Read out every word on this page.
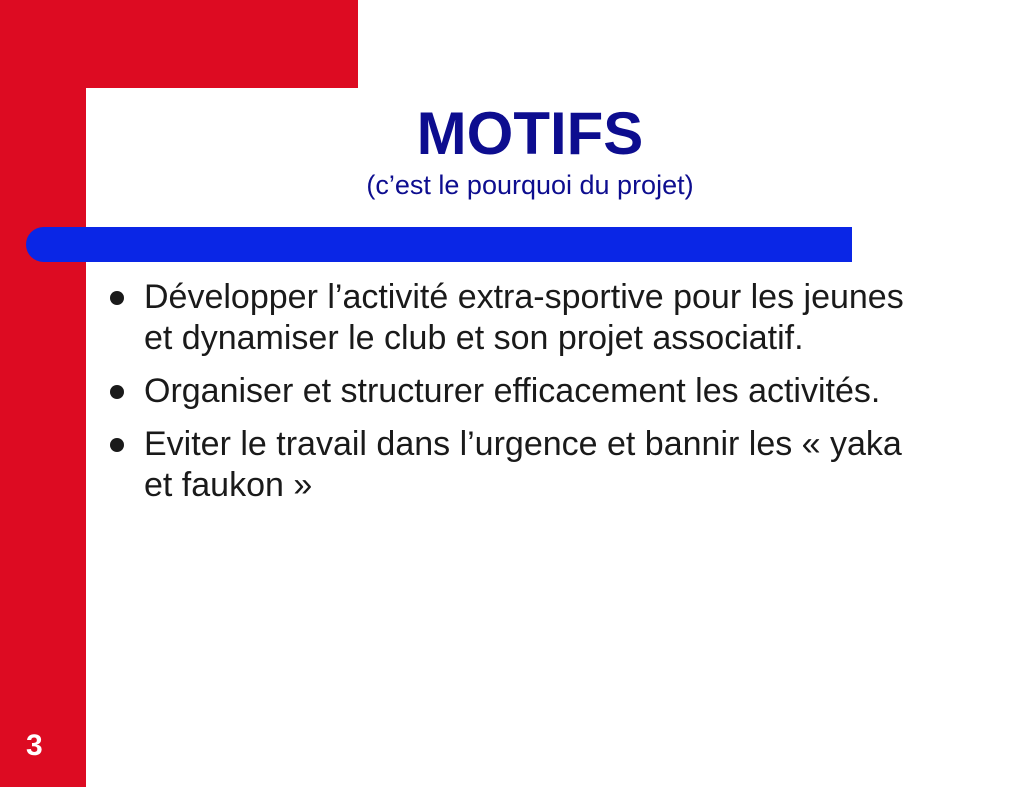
MOTIFS
(c’est le pourquoi du projet)
Développer l’activité extra-sportive pour les jeunes et dynamiser le club et son projet associatif.
Organiser et structurer efficacement les activités.
Eviter le travail dans l’urgence et bannir les « yaka et faukon »
3
